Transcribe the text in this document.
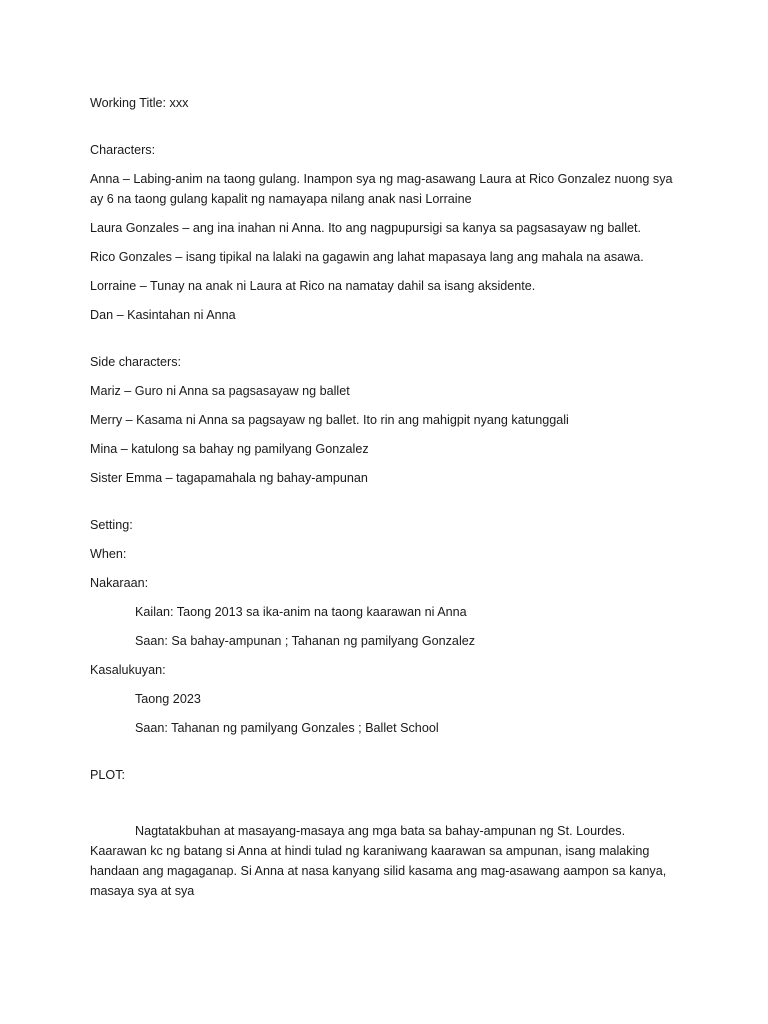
Working Title: xxx

Characters:

Anna – Labing-anim na taong gulang. Inampon sya ng mag-asawang Laura at Rico Gonzalez nuong sya ay 6 na taong gulang kapalit ng namayapa nilang anak nasi Lorraine

Laura Gonzales – ang ina inahan ni Anna. Ito ang nagpupursigi sa kanya sa pagsasayaw ng ballet.

Rico Gonzales – isang tipikal na lalaki na gagawin ang lahat mapasaya lang ang mahala na asawa.

Lorraine – Tunay na anak ni Laura at Rico na namatay dahil sa isang aksidente.

Dan – Kasintahan ni Anna

Side characters:

Mariz – Guro ni Anna sa pagsasayaw ng ballet

Merry – Kasama ni Anna sa pagsayaw ng ballet. Ito rin ang mahigpit nyang katunggali

Mina – katulong sa bahay ng pamilyang Gonzalez

Sister Emma – tagapamahala ng bahay-ampunan

Setting:

When:

Nakaraan:

Kailan: Taong 2013 sa ika-anim na taong kaarawan ni Anna

Saan: Sa bahay-ampunan ; Tahanan ng pamilyang Gonzalez

Kasalukuyan:

Taong 2023

Saan: Tahanan ng pamilyang Gonzales ; Ballet School

PLOT:

Nagtatakbuhan at masayang-masaya ang mga bata sa bahay-ampunan ng St. Lourdes. Kaarawan kc ng batang si Anna at hindi tulad ng karaniwang kaarawan sa ampunan, isang malaking handaan ang magaganap. Si Anna at nasa kanyang silid kasama ang mag-asawang aampon sa kanya, masaya sya at sya
